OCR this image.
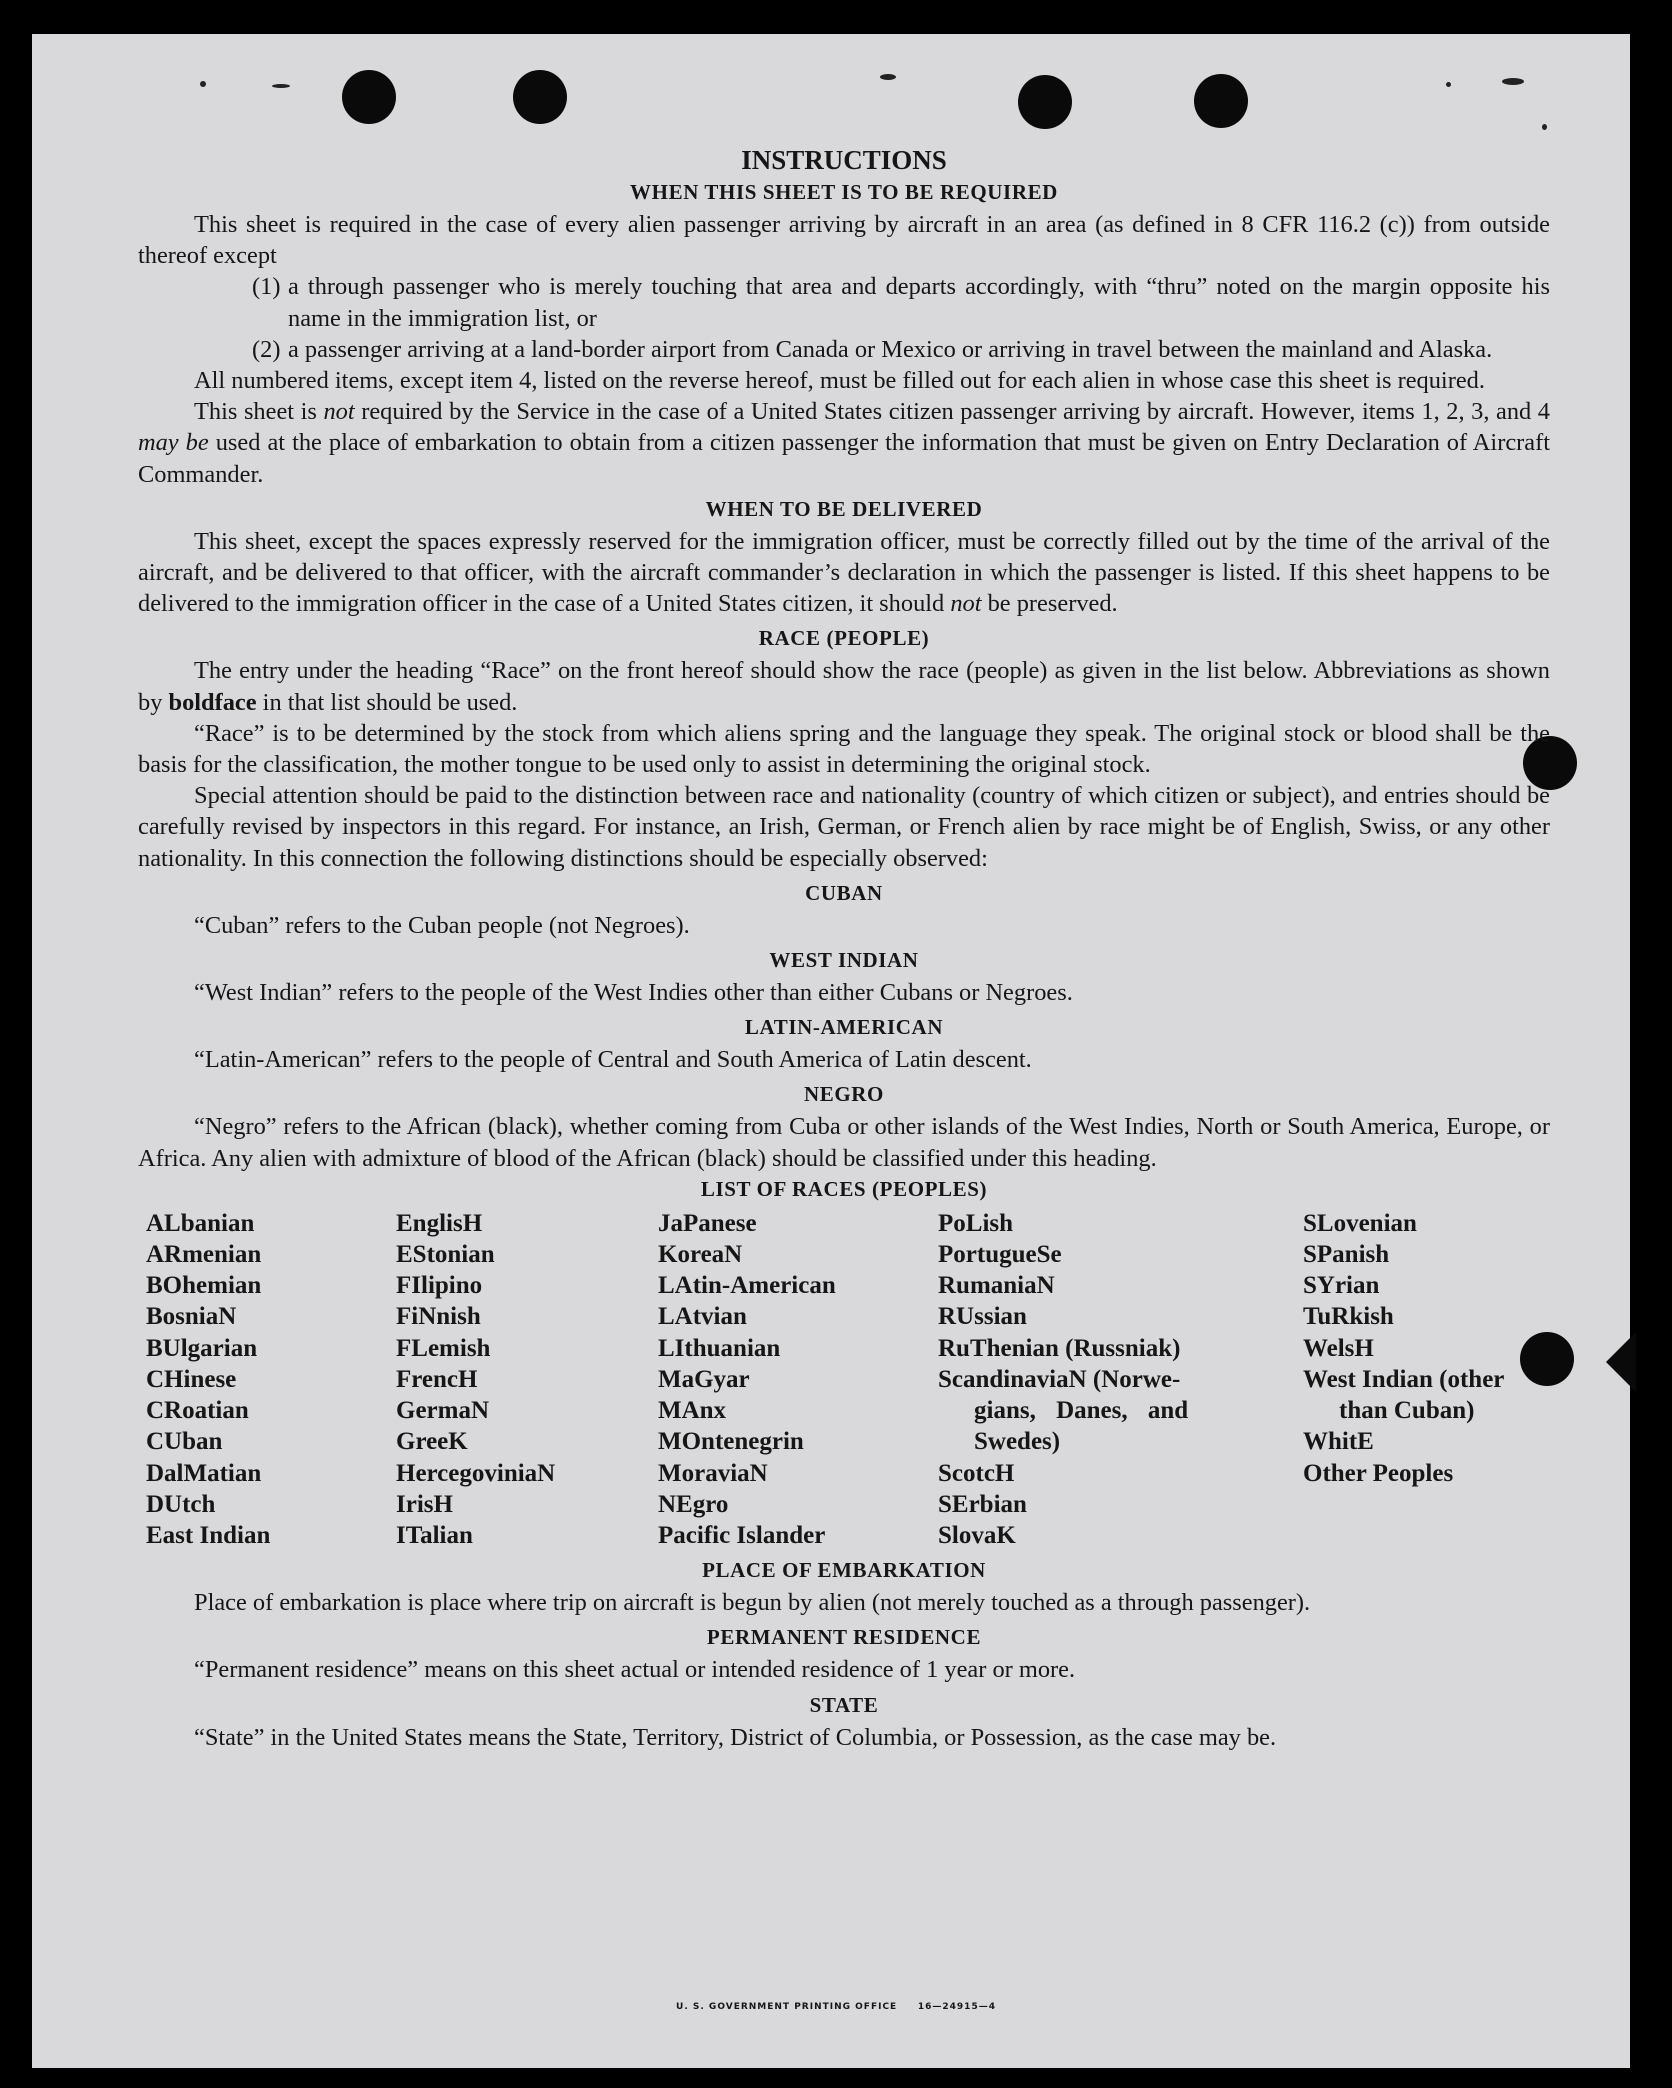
INSTRUCTIONS
WHEN THIS SHEET IS TO BE REQUIRED

This sheet is required in the case of every alien passenger arriving by aircraft in an area (as defined in 8 CFR 116.2 (c)) from outside thereof except

(1) a through passenger who is merely touching that area and departs accordingly, with “thru” noted on the margin opposite his name in the immigration list, or
(2) a passenger arriving at a land-border airport from Canada or Mexico or arriving in travel between the mainland and Alaska.

All numbered items, except item 4, listed on the reverse hereof, must be filled out for each alien in whose case this sheet is required.

This sheet is not required by the Service in the case of a United States citizen passenger arriving by aircraft. However, items 1, 2, 3, and 4 may be used at the place of embarkation to obtain from a citizen passenger the information that must be given on Entry Declaration of Aircraft Commander.

WHEN TO BE DELIVERED

This sheet, except the spaces expressly reserved for the immigration officer, must be correctly filled out by the time of the arrival of the aircraft, and be delivered to that officer, with the aircraft commander’s declaration in which the passenger is listed. If this sheet happens to be delivered to the immigration officer in the case of a United States citizen, it should not be preserved.

RACE (PEOPLE)

The entry under the heading “Race” on the front hereof should show the race (people) as given in the list below. Abbreviations as shown by boldface in that list should be used.

“Race” is to be determined by the stock from which aliens spring and the language they speak. The original stock or blood shall be the basis for the classification, the mother tongue to be used only to assist in determining the original stock.

Special attention should be paid to the distinction between race and nationality (country of which citizen or subject), and entries should be carefully revised by inspectors in this regard. For instance, an Irish, German, or French alien by race might be of English, Swiss, or any other nationality. In this connection the following distinctions should be especially observed:

CUBAN

“Cuban” refers to the Cuban people (not Negroes).

WEST INDIAN

“West Indian” refers to the people of the West Indies other than either Cubans or Negroes.

LATIN-AMERICAN

“Latin-American” refers to the people of Central and South America of Latin descent.

NEGRO

“Negro” refers to the African (black), whether coming from Cuba or other islands of the West Indies, North or South America, Europe, or Africa. Any alien with admixture of blood of the African (black) should be classified under this heading.

LIST OF RACES (PEOPLES)
ALbanian
ARmenian
BOhemian
BosniaN
BUlgarian
CHinese
CRoatian
CUban
DalMatian
DUtch
East Indian
EnglisH
EStonian
FIlipino
FiNnish
FLemish
FrencH
GermaN
GreeK
HercegoviniaN
IrisH
ITalian
JaPanese
KoreaN
LAtin-American
LAtvian
LIthuanian
MaGyar
MAnx
MOntenegrin
MoraviaN
NEgro
Pacific Islander
PoLish
PortugueSe
RumaniaN
RUssian
RuThenian (Russniak)
ScandinaviaN (Norwe-
gians, Danes, and
Swedes)
ScotcH
SErbian
SlovaK
SLovenian
SPanish
SYrian
TuRkish
WelsH
West Indian (other
than Cuban)
WhitE
Other Peoples
PLACE OF EMBARKATION

Place of embarkation is place where trip on aircraft is begun by alien (not merely touched as a through passenger).

PERMANENT RESIDENCE

“Permanent residence” means on this sheet actual or intended residence of 1 year or more.

STATE

“State” in the United States means the State, Territory, District of Columbia, or Possession, as the case may be.

U. S. GOVERNMENT PRINTING OFFICE     16—24915—4
